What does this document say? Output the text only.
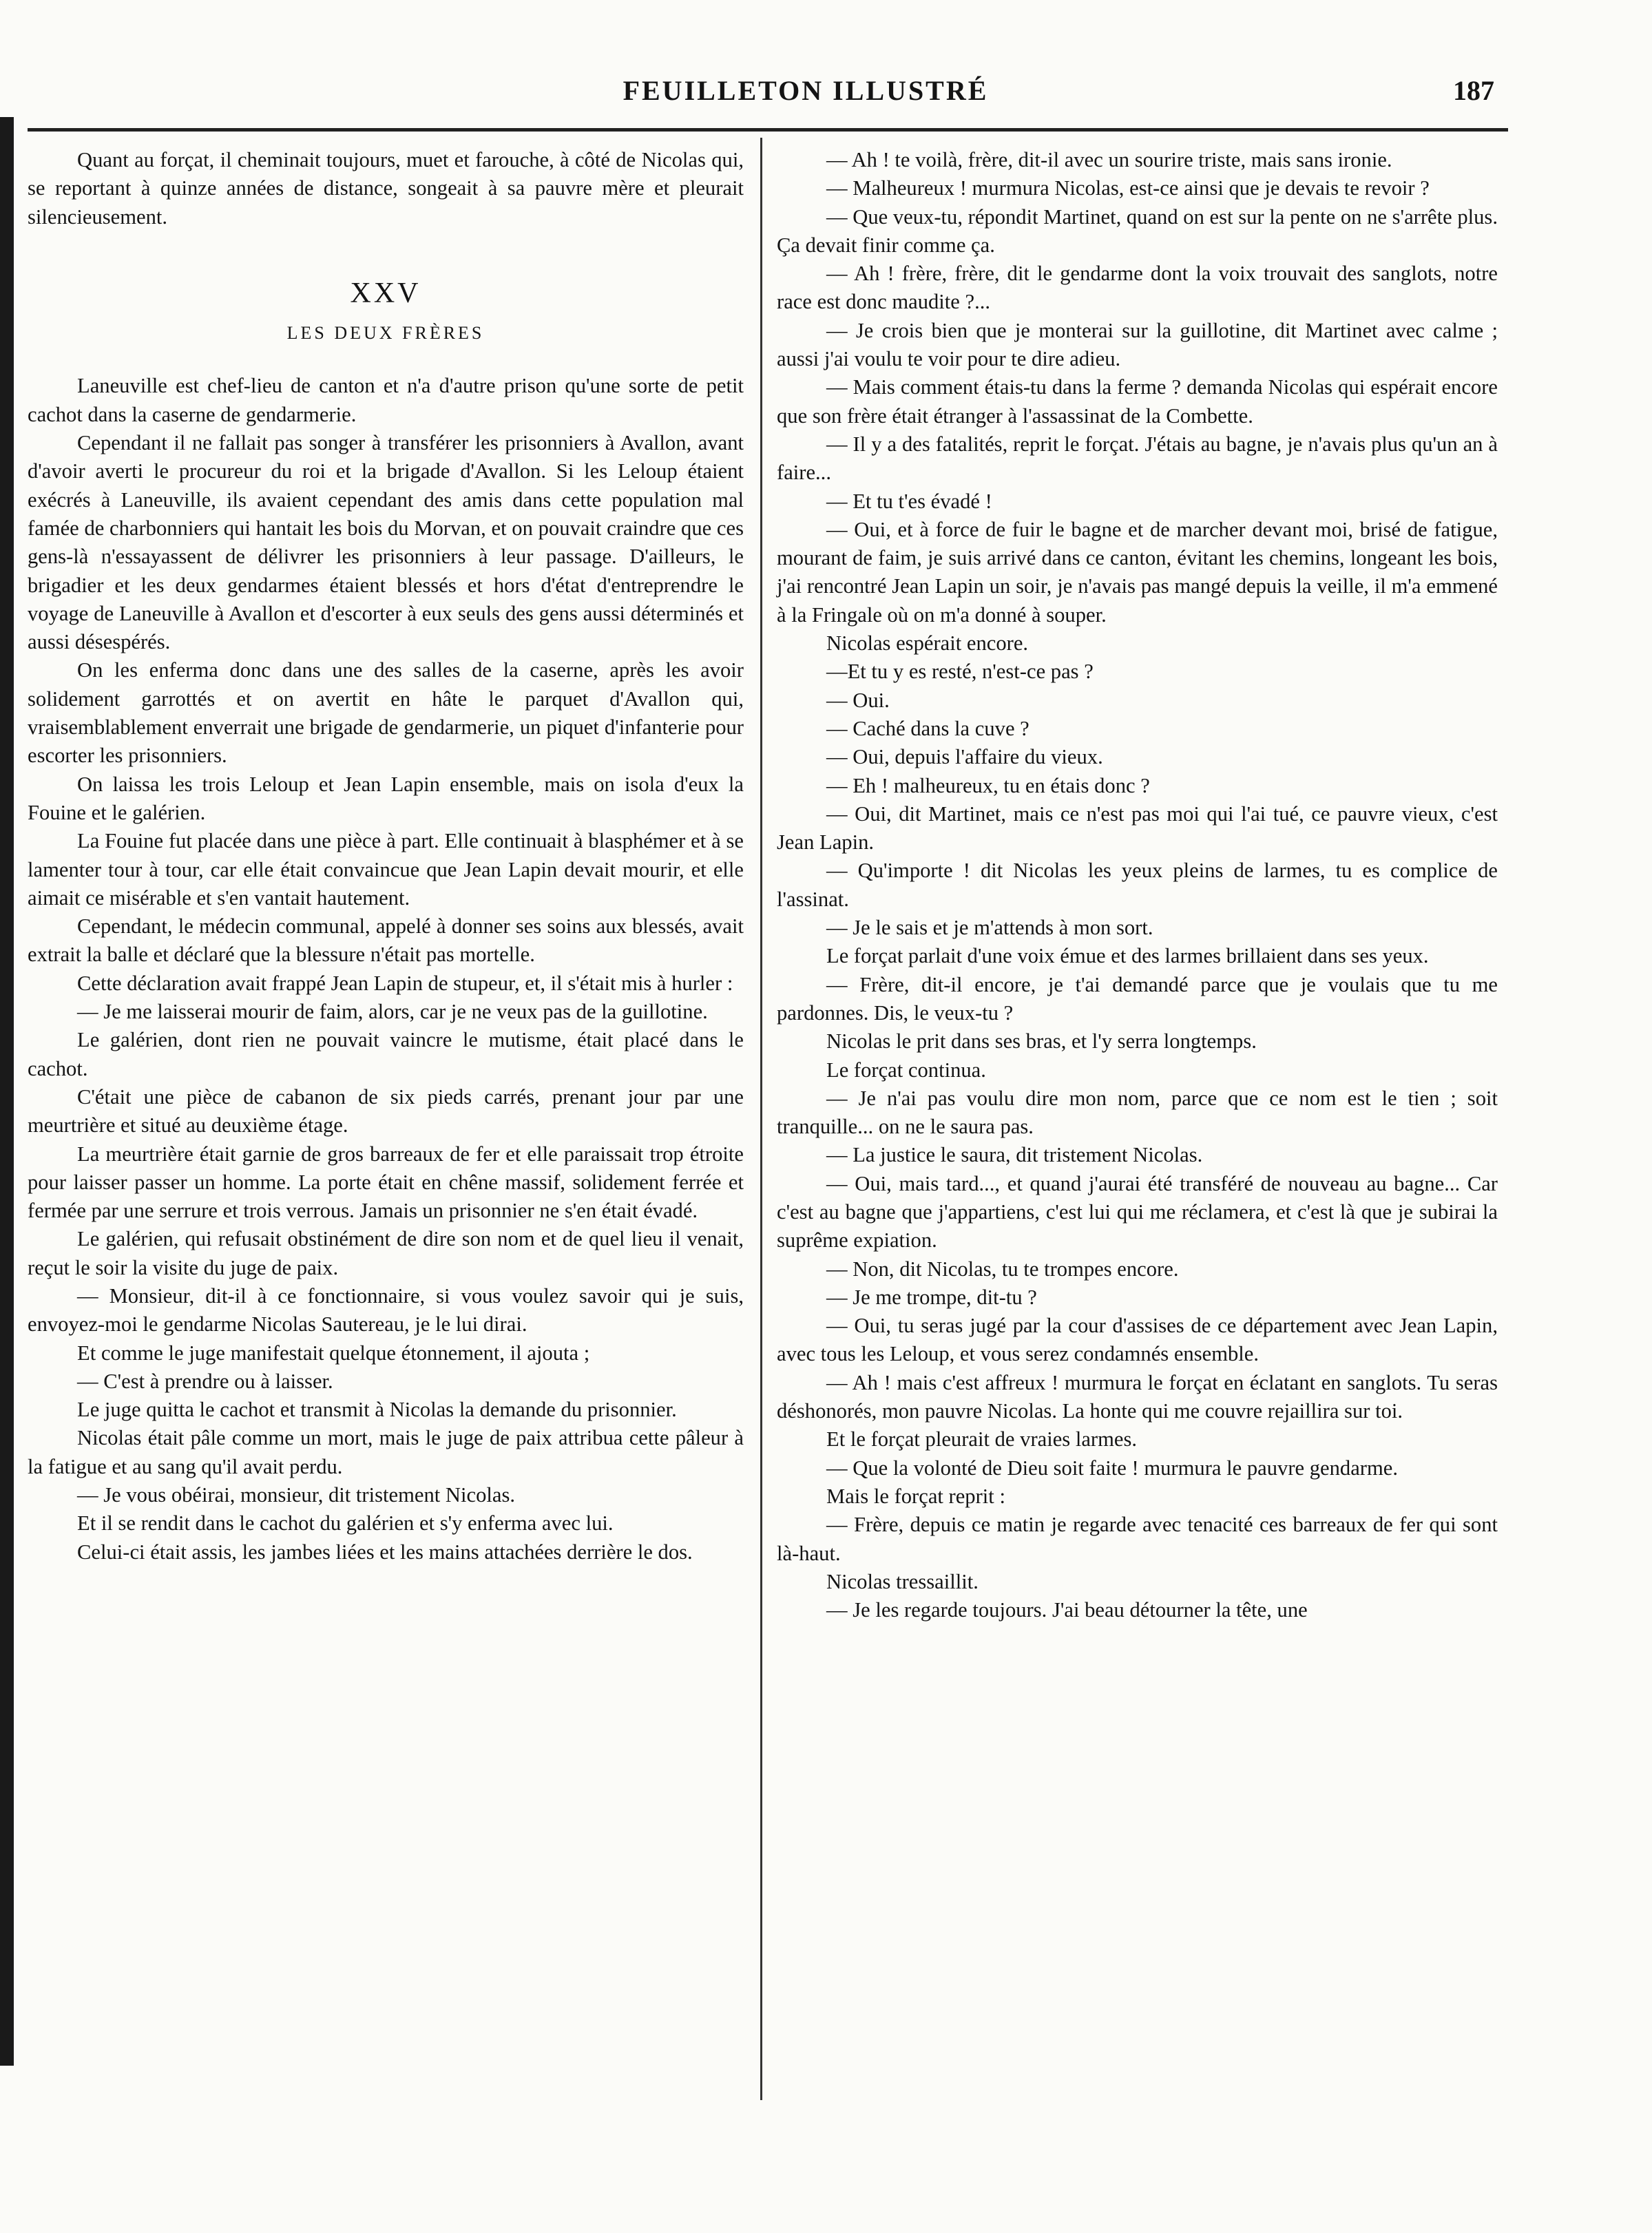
FEUILLETON ILLUSTRÉ	187

Quant au forçat, il cheminait toujours, muet et farouche, à côté de Nicolas qui, se reportant à quinze années de distance, songeait à sa pauvre mère et pleurait silencieusement.

XXV

LES DEUX FRÈRES

Laneuville est chef-lieu de canton et n'a d'autre prison qu'une sorte de petit cachot dans la caserne de gendarmerie.

Cependant il ne fallait pas songer à transférer les prisonniers à Avallon, avant d'avoir averti le procureur du roi et la brigade d'Avallon. Si les Leloup étaient exécrés à Laneuville, ils avaient cependant des amis dans cette population mal famée de charbonniers qui hantait les bois du Morvan, et on pouvait craindre que ces gens-là n'essayassent de délivrer les prisonniers à leur passage. D'ailleurs, le brigadier et les deux gendarmes étaient blessés et hors d'état d'entreprendre le voyage de Laneuville à Avallon et d'escorter à eux seuls des gens aussi déterminés et aussi désespérés.

On les enferma donc dans une des salles de la caserne, après les avoir solidement garrottés et on avertit en hâte le parquet d'Avallon qui, vraisemblablement enverrait une brigade de gendarmerie, un piquet d'infanterie pour escorter les prisonniers.

On laissa les trois Leloup et Jean Lapin ensemble, mais on isola d'eux la Fouine et le galérien.

La Fouine fut placée dans une pièce à part. Elle continuait à blasphémer et à se lamenter tour à tour, car elle était convaincue que Jean Lapin devait mourir, et elle aimait ce misérable et s'en vantait hautement.

Cependant, le médecin communal, appelé à donner ses soins aux blessés, avait extrait la balle et déclaré que la blessure n'était pas mortelle.

Cette déclaration avait frappé Jean Lapin de stupeur, et, il s'était mis à hurler :

— Je me laisserai mourir de faim, alors, car je ne veux pas de la guillotine.

Le galérien, dont rien ne pouvait vaincre le mutisme, était placé dans le cachot.

C'était une pièce de cabanon de six pieds carrés, prenant jour par une meurtrière et situé au deuxième étage.

La meurtrière était garnie de gros barreaux de fer et elle paraissait trop étroite pour laisser passer un homme. La porte était en chêne massif, solidement ferrée et fermée par une serrure et trois verrous. Jamais un prisonnier ne s'en était évadé.

Le galérien, qui refusait obstinément de dire son nom et de quel lieu il venait, reçut le soir la visite du juge de paix.

— Monsieur, dit-il à ce fonctionnaire, si vous voulez savoir qui je suis, envoyez-moi le gendarme Nicolas Sautereau, je le lui dirai.

Et comme le juge manifestait quelque étonnement, il ajouta ;

— C'est à prendre ou à laisser.

Le juge quitta le cachot et transmit à Nicolas la demande du prisonnier.

Nicolas était pâle comme un mort, mais le juge de paix attribua cette pâleur à la fatigue et au sang qu'il avait perdu.

— Je vous obéirai, monsieur, dit tristement Nicolas.

Et il se rendit dans le cachot du galérien et s'y enferma avec lui.

Celui-ci était assis, les jambes liées et les mains attachées derrière le dos.

— Ah ! te voilà, frère, dit-il avec un sourire triste, mais sans ironie.

— Malheureux ! murmura Nicolas, est-ce ainsi que je devais te revoir ?

— Que veux-tu, répondit Martinet, quand on est sur la pente on ne s'arrête plus. Ça devait finir comme ça.

— Ah ! frère, frère, dit le gendarme dont la voix trouvait des sanglots, notre race est donc maudite ?...

— Je crois bien que je monterai sur la guillotine, dit Martinet avec calme ; aussi j'ai voulu te voir pour te dire adieu.

— Mais comment étais-tu dans la ferme ? demanda Nicolas qui espérait encore que son frère était étranger à l'assassinat de la Combette.

— Il y a des fatalités, reprit le forçat. J'étais au bagne, je n'avais plus qu'un an à faire...

— Et tu t'es évadé !

— Oui, et à force de fuir le bagne et de marcher devant moi, brisé de fatigue, mourant de faim, je suis arrivé dans ce canton, évitant les chemins, longeant les bois, j'ai rencontré Jean Lapin un soir, je n'avais pas mangé depuis la veille, il m'a emmené à la Fringale où on m'a donné à souper.

Nicolas espérait encore.

—Et tu y es resté, n'est-ce pas ?

— Oui.

— Caché dans la cuve ?

— Oui, depuis l'affaire du vieux.

— Eh ! malheureux, tu en étais donc ?

— Oui, dit Martinet, mais ce n'est pas moi qui l'ai tué, ce pauvre vieux, c'est Jean Lapin.

— Qu'importe ! dit Nicolas les yeux pleins de larmes, tu es complice de l'assinat.

— Je le sais et je m'attends à mon sort.

Le forçat parlait d'une voix émue et des larmes brillaient dans ses yeux.

— Frère, dit-il encore, je t'ai demandé parce que je voulais que tu me pardonnes. Dis, le veux-tu ?

Nicolas le prit dans ses bras, et l'y serra longtemps.

Le forçat continua.

— Je n'ai pas voulu dire mon nom, parce que ce nom est le tien ; soit tranquille... on ne le saura pas.

— La justice le saura, dit tristement Nicolas.

— Oui, mais tard..., et quand j'aurai été transféré de nouveau au bagne... Car c'est au bagne que j'appartiens, c'est lui qui me réclamera, et c'est là que je subirai la suprême expiation.

— Non, dit Nicolas, tu te trompes encore.

— Je me trompe, dit-tu ?

— Oui, tu seras jugé par la cour d'assises de ce département avec Jean Lapin, avec tous les Leloup, et vous serez condamnés ensemble.

— Ah ! mais c'est affreux ! murmura le forçat en éclatant en sanglots. Tu seras déshonorés, mon pauvre Nicolas. La honte qui me couvre rejaillira sur toi.

Et le forçat pleurait de vraies larmes.

— Que la volonté de Dieu soit faite ! murmura le pauvre gendarme.

Mais le forçat reprit :

— Frère, depuis ce matin je regarde avec tenacité ces barreaux de fer qui sont là-haut.

Nicolas tressaillit.

— Je les regarde toujours. J'ai beau détourner la tête, une
